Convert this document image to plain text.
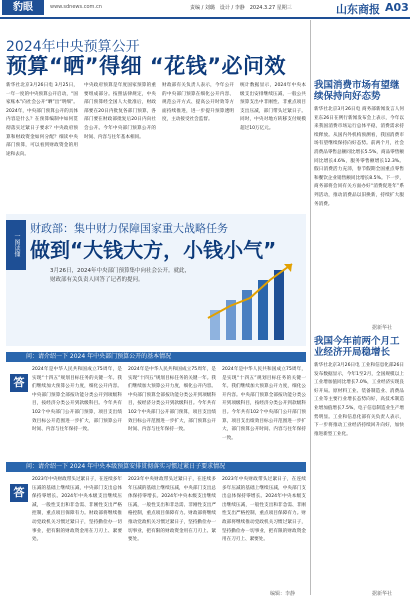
豹眼	www.sdnews.com.cn	责编 / 刘璐　设计 / 李静　2024.3.27 星期三	山东商报 A03
2024年中央预算公开
预算“晒”得细 “花钱”必问效
新华社北京3月26日电 3月25日，一年一度的中央预算公开启动，“国家账本”向社会公开“晒”出“明细”。2024年，中央部门预算公开的具体内容是什么？在预算编制中如何贯彻落实过紧日子要求？中央政府预算和财政资金如何分配？细读中央部门预算，可以看到财政资金的用途和去向。
中央政府预算是年度国家预算的重要组成部分。按照法律规定，中央部门预算经全国人大批准后，财政部要在20日内批复各部门预算，各部门要在财政部批复后20日内向社会公开。今年中央部门预算公开的时间、内容与往年基本相同。
财政部有关负责人表示，今年公开的中央部门预算在细化公开内容、规范公开方式、提高公开时效等方面持续推进，进一步提升预算透明度，主动接受社会监督。
统计数据显示，2024年中央本级支出安排继续压减，一般公共预算支出中非刚性、非重点项目支出压减，部门带头过紧日子。同时，中央对地方转移支付规模超过10万亿元。
一图读懂
财政部：集中财力保障国家重大战略任务
做到“大钱大方，小钱小气”
3月26日，2024年中央部门预算集中向社会公开。就此，财政部有关负责人回答了记者的提问。
问：请介绍一下 2024 年中央部门预算公开的基本情况
答
2024年是中华人民共和国成立75周年，是实现“十四五”规划目标任务的关键一年。我们继续加大预算公开力度，细化公开内容。中央部门预算全部按功能分类公开到项级科目，按经济分类公开到款级科目。今年共有102个中央部门公开部门预算，项目支出绩效目标公开范围进一步扩大，部门预算公开时间、内容与往年保持一致。
2024年是中华人民共和国成立75周年，是实现“十四五”规划目标任务的关键一年。我们继续加大预算公开力度，细化公开内容。中央部门预算全部按功能分类公开到项级科目，按经济分类公开到款级科目。今年共有102个中央部门公开部门预算，项目支出绩效目标公开范围进一步扩大，部门预算公开时间、内容与往年保持一致。
2024年是中华人民共和国成立75周年，是实现“十四五”规划目标任务的关键一年。我们继续加大预算公开力度，细化公开内容。中央部门预算全部按功能分类公开到项级科目，按经济分类公开到款级科目。今年共有102个中央部门公开部门预算，项目支出绩效目标公开范围进一步扩大，部门预算公开时间、内容与往年保持一致。
问：请介绍一下 2024 年中央本级预算安排贯彻落实习惯过紧日子要求情况
答
2023年中央财政带头过紧日子，在连续多年压减的基础上继续压减，中央部门支出总体保持零增长。2024年中央本级支出继续压减，一般性支出和非急需、非刚性支出严格控制，重点项目保障有力。财政部将继续推动党政机关习惯过紧日子，坚持勤俭办一切事业，把有限的财政资金用在刀刃上、紧要处。
2023年中央财政带头过紧日子，在连续多年压减的基础上继续压减，中央部门支出总体保持零增长。2024年中央本级支出继续压减，一般性支出和非急需、非刚性支出严格控制，重点项目保障有力。财政部将继续推动党政机关习惯过紧日子，坚持勤俭办一切事业，把有限的财政资金用在刀刃上、紧要处。
2023年中央财政带头过紧日子，在连续多年压减的基础上继续压减，中央部门支出总体保持零增长。2024年中央本级支出继续压减，一般性支出和非急需、非刚性支出严格控制，重点项目保障有力。财政部将继续推动党政机关习惯过紧日子，坚持勤俭办一切事业，把有限的财政资金用在刀刃上、紧要处。
编辑：李静
我国消费市场有望继续保持向好态势
新华社北京3月26日电 商务部新闻发言人何亚东26日在例行新闻发布会上表示，今年以来我国消费市场运行总体平稳，消费需求持续释放。从国内外机构预测看，我国消费市场有望继续保持向好态势。前两个月，社会消费品零售总额同比增长5.5%，商品零售额同比增长4.6%，服务零售额增长12.3%。假日消费活力充沛，春节假期全国重点零售和餐饮企业销售额同比增长8.5%。下一步，商务部将会同有关方面办好“消费促进年”系列活动，推动消费品以旧换新，持续扩大服务消费。
据新华社
我国今年前两个月工业经济开局稳增长
新华社北京3月26日电 工业和信息化部26日发布数据显示，今年1至2月，全国规模以上工业增加值同比增长7.0%，工业经济实现良好开局。原材料工业、装备制造业、消费品工业等主要行业增长态势向好，高技术制造业增加值增长7.5%，电子信息制造业生产增势明显。工业和信息化部有关负责人表示，下一步将推动工业经济持续回升向好，加快推进新型工业化。
据新华社
